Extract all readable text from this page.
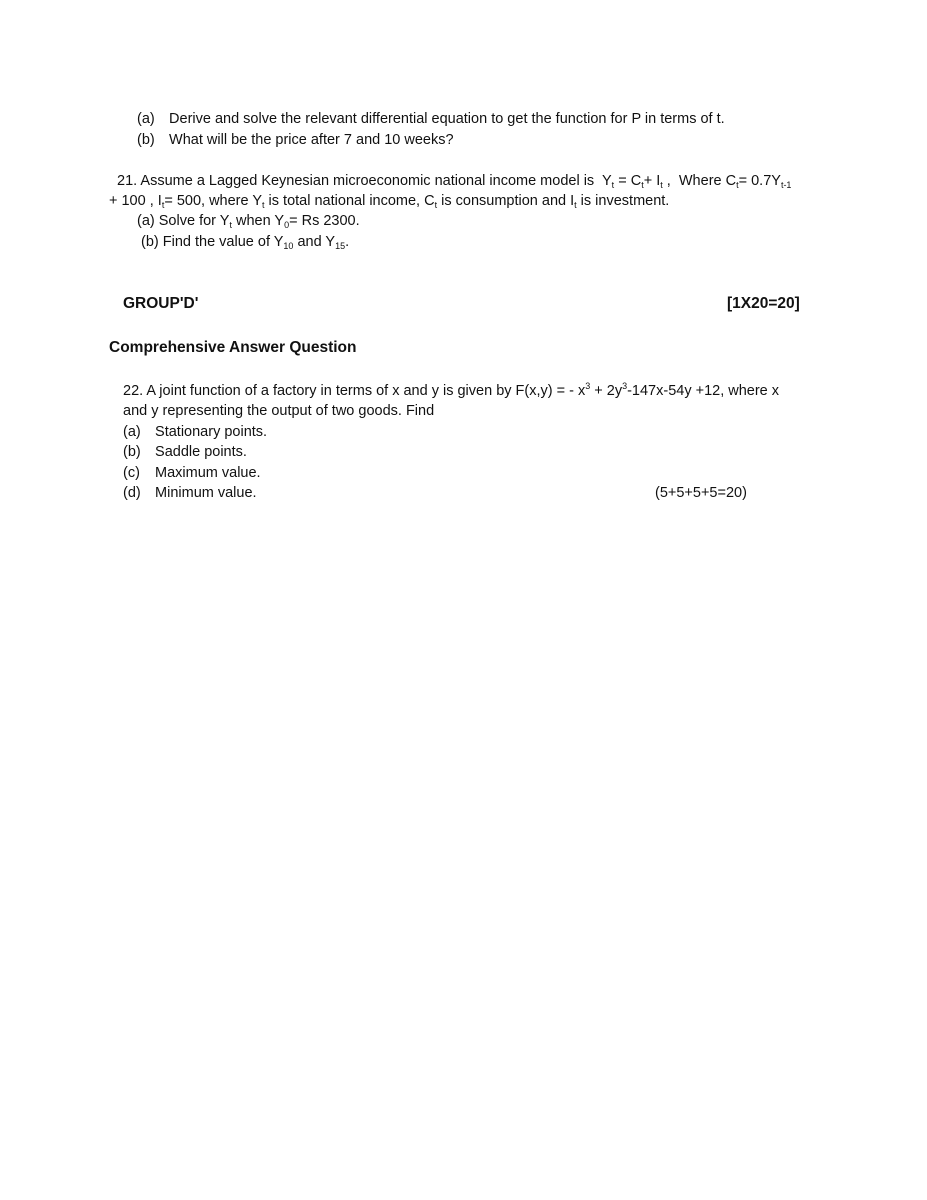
(a) Derive and solve the relevant differential equation to get the function for P in terms of t.
(b) What will be the price after 7 and 10 weeks?
21. Assume a Lagged Keynesian microeconomic national income model is $Y_t = C_t+ I_t$ , Where $C_t= 0.7Y_{t-1}$
+ 100 , $I_t= 500$, where $Y_t$ is total national income, $C_t$ is consumption and $I_t$ is investment.
(a) Solve for $Y_t$ when $Y_0= Rs$ 2300.
(b) Find the value of $Y_{10}$ and $Y_{15}$.
GROUP'D'	[1X20=20]
Comprehensive Answer Question
22. A joint function of a factory in terms of x and y is given by F(x,y) = - $x^3 + 2y^3-147x-54y +12$, where x
and y representing the output of two goods. Find
(a) Stationary points.
(b) Saddle points.
(c) Maximum value.
(d) Minimum value.	(5+5+5+5=20)
